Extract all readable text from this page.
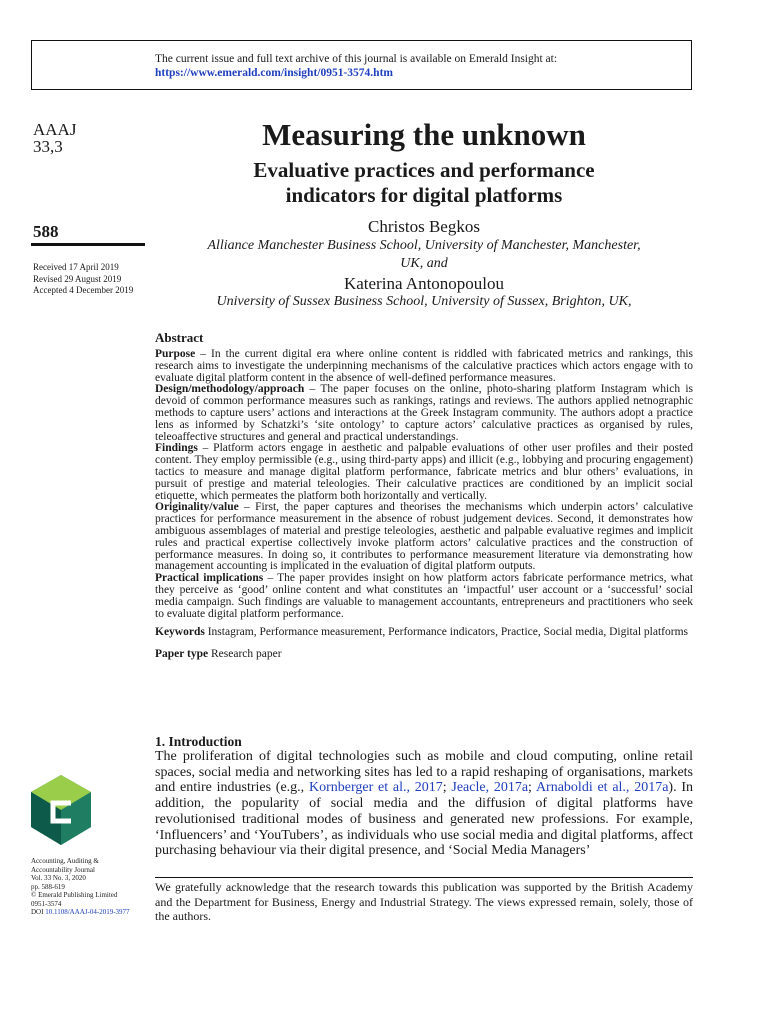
The current issue and full text archive of this journal is available on Emerald Insight at:
https://www.emerald.com/insight/0951-3574.htm
AAAJ
33,3
588
Received 17 April 2019
Revised 29 August 2019
Accepted 4 December 2019
Accounting, Auditing &
Accountability Journal
Vol. 33 No. 3, 2020
pp. 588-619
© Emerald Publishing Limited
0951-3574
DOI 10.1108/AAAJ-04-2019-3977
Measuring the unknown
Evaluative practices and performance
indicators for digital platforms
Christos Begkos
Alliance Manchester Business School, University of Manchester, Manchester,
UK, and
Katerina Antonopoulou
University of Sussex Business School, University of Sussex, Brighton, UK,
Abstract

Purpose – In the current digital era where online content is riddled with fabricated metrics and rankings, this research aims to investigate the underpinning mechanisms of the calculative practices which actors engage with to evaluate digital platform content in the absence of well-defined performance measures.

Design/methodology/approach – The paper focuses on the online, photo-sharing platform Instagram which is devoid of common performance measures such as rankings, ratings and reviews. The authors applied netnographic methods to capture users’ actions and interactions at the Greek Instagram community. The authors adopt a practice lens as informed by Schatzki’s ‘site ontology’ to capture actors’ calculative practices as organised by rules, teleoaffective structures and general and practical understandings.

Findings – Platform actors engage in aesthetic and palpable evaluations of other user profiles and their posted content. They employ permissible (e.g., using third-party apps) and illicit (e.g., lobbying and procuring engagement) tactics to measure and manage digital platform performance, fabricate metrics and blur others’ evaluations, in pursuit of prestige and material teleologies. Their calculative practices are conditioned by an implicit social etiquette, which permeates the platform both horizontally and vertically.

Originality/value – First, the paper captures and theorises the mechanisms which underpin actors’ calculative practices for performance measurement in the absence of robust judgement devices. Second, it demonstrates how ambiguous assemblages of material and prestige teleologies, aesthetic and palpable evaluative regimes and implicit rules and practical expertise collectively invoke platform actors’ calculative practices and the construction of performance measures. In doing so, it contributes to performance measurement literature via demonstrating how management accounting is implicated in the evaluation of digital platform outputs.

Practical implications – The paper provides insight on how platform actors fabricate performance metrics, what they perceive as ‘good’ online content and what constitutes an ‘impactful’ user account or a ‘successful’ social media campaign. Such findings are valuable to management accountants, entrepreneurs and practitioners who seek to evaluate digital platform performance.

Keywords Instagram, Performance measurement, Performance indicators, Practice, Social media, Digital platforms

Paper type Research paper

1. Introduction

The proliferation of digital technologies such as mobile and cloud computing, online retail spaces, social media and networking sites has led to a rapid reshaping of organisations, markets and entire industries (e.g., Kornberger et al., 2017; Jeacle, 2017a; Arnaboldi et al., 2017a). In addition, the popularity of social media and the diffusion of digital platforms have revolutionised traditional modes of business and generated new professions. For example, ‘Influencers’ and ‘YouTubers’, as individuals who use social media and digital platforms, affect purchasing behaviour via their digital presence, and ‘Social Media Managers’

We gratefully acknowledge that the research towards this publication was supported by the British Academy and the Department for Business, Energy and Industrial Strategy. The views expressed remain, solely, those of the authors.
